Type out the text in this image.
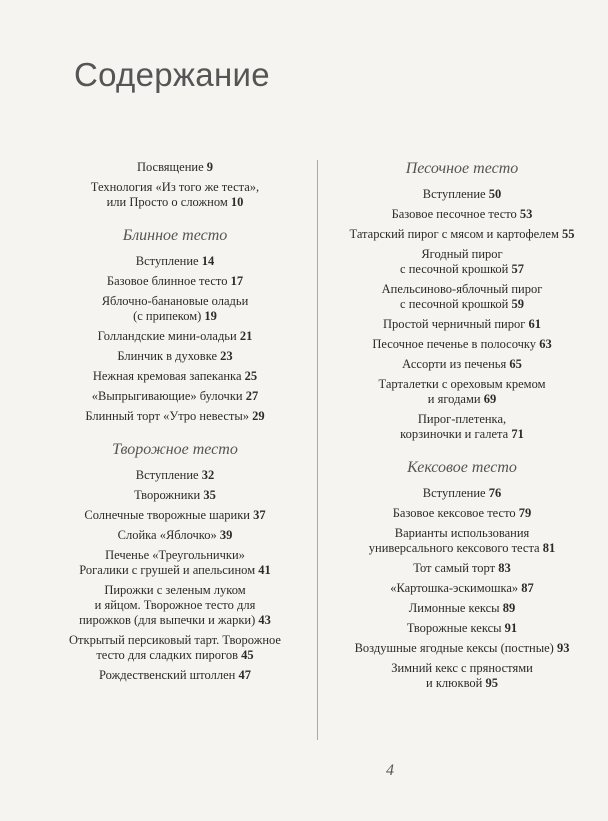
Содержание
Посвящение 9
Технология «Из того же теста»,
или Просто о сложном 10
Блинное тесто
Вступление 14
Базовое блинное тесто 17
Яблочно-банановые оладьи
(с припеком) 19
Голландские мини-оладьи 21
Блинчик в духовке 23
Нежная кремовая запеканка 25
«Выпрыгивающие» булочки 27
Блинный торт «Утро невесты» 29
Творожное тесто
Вступление 32
Творожники 35
Солнечные творожные шарики 37
Слойка «Яблочко» 39
Печенье «Треугольнички»
Рогалики с грушей и апельсином 41
Пирожки с зеленым луком
и яйцом. Творожное тесто для
пирожков (для выпечки и жарки) 43
Открытый персиковый тарт. Творожное
тесто для сладких пирогов 45
Рождественский штоллен 47
Песочное тесто
Вступление 50
Базовое песочное тесто 53
Татарский пирог с мясом и картофелем 55
Ягодный пирог
с песочной крошкой 57
Апельсиново-яблочный пирог
с песочной крошкой 59
Простой черничный пирог 61
Песочное печенье в полосочку 63
Ассорти из печенья 65
Тарталетки с ореховым кремом
и ягодами 69
Пирог-плетенка,
корзиночки и галета 71
Кексовое тесто
Вступление 76
Базовое кексовое тесто 79
Варианты использования
универсального кексового теста 81
Тот самый торт 83
«Картошка-эскимошка» 87
Лимонные кексы 89
Творожные кексы 91
Воздушные ягодные кексы (постные) 93
Зимний кекс с пряностями
и клюквой 95
4
